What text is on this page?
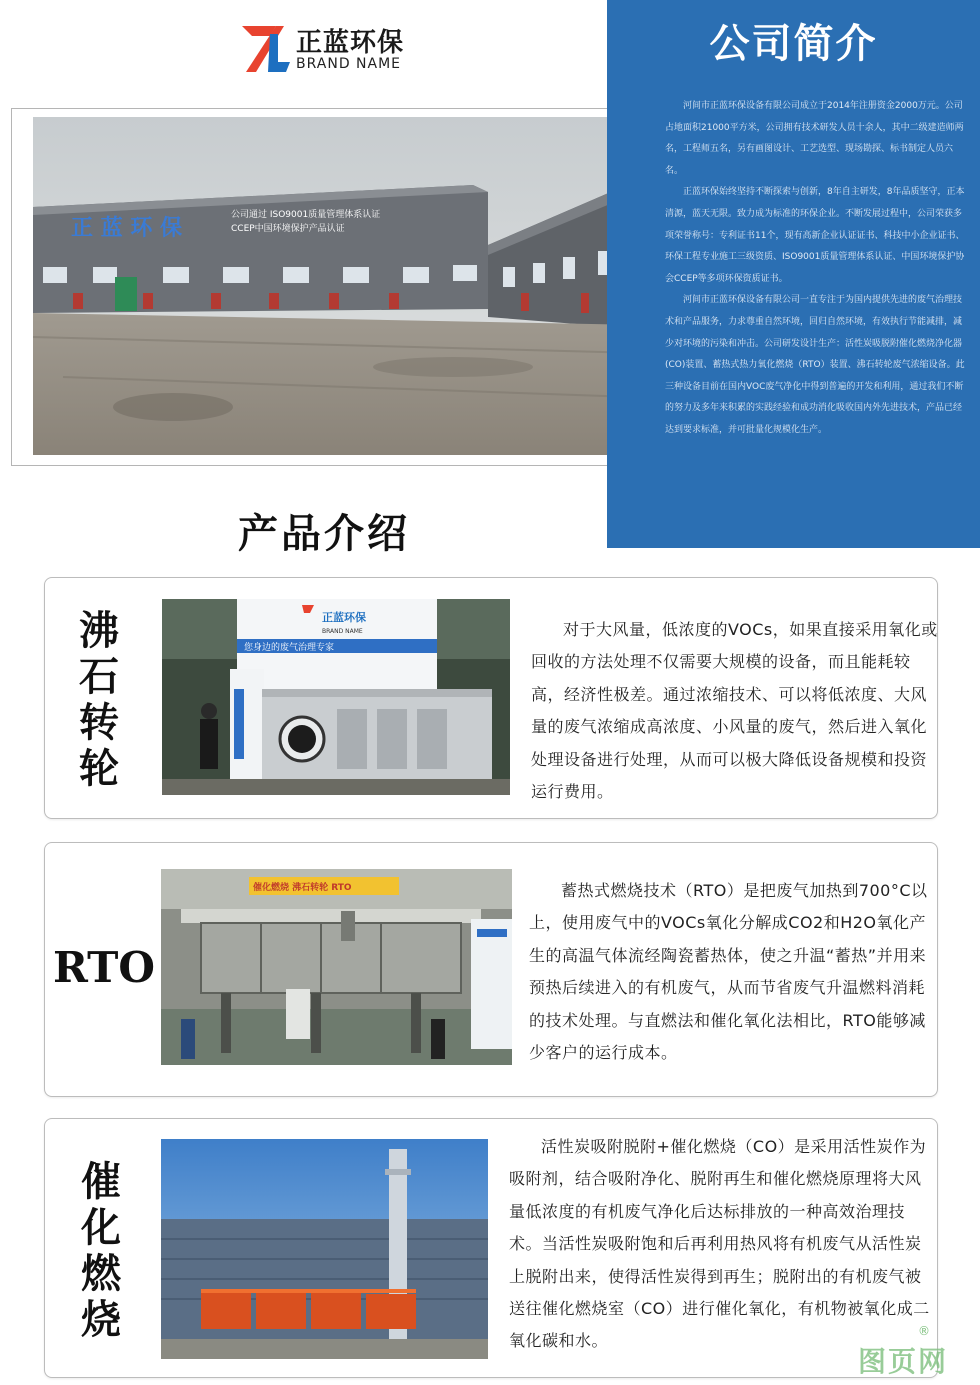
正蓝环保
BRAND NAME
正 蓝 环 保
公司通过 ISO9001质量管理体系认证
CCEP中国环境保护产品认证
公司简介

河间市正蓝环保设备有限公司成立于2014年注册资金2000万元。公司占地面积21000平方米，公司拥有技术研发人员十余人，其中二级建造师两名，工程师五名，另有画图设计、工艺选型、现场勘探、标书制定人员六名。

正蓝环保始终坚持不断探索与创新，8年自主研发，8年品质坚守，正本清源，蓝天无限。致力成为标准的环保企业。不断发展过程中，公司荣获多项荣誉称号：专利证书11个，现有高新企业认证证书、科技中小企业证书、环保工程专业施工三级资质、ISO9001质量管理体系认证、中国环境保护协会CCEP等多项环保资质证书。

河间市正蓝环保设备有限公司一直专注于为国内提供先进的废气治理技术和产品服务，力求尊重自然环境，回归自然环境，有效执行节能减排，减少对环境的污染和冲击。公司研发设计生产：活性炭吸脱附催化燃烧净化器(CO)装置、蓄热式热力氧化燃烧（RTO）装置、沸石转轮废气浓缩设备。此三种设备目前在国内VOC废气净化中得到普遍的开发和利用，通过我们不断的努力及多年来积累的实践经验和成功消化吸收国内外先进技术，产品已经达到要求标准，并可批量化规模化生产。

产品介绍
沸石转轮
您身边的废气治理专家
正蓝环保
BRAND NAME	对于大风量，低浓度的VOCs，如果直接采用氧化或回收的方法处理不仅需要大规模的设备，而且能耗较高，经济性极差。通过浓缩技术、可以将低浓度、大风量的废气浓缩成高浓度、小风量的废气，然后进入氧化处理设备进行处理，从而可以极大降低设备规模和投资运行费用。

RTO
催化燃烧 沸石转轮 RTO	蓄热式燃烧技术（RTO）是把废气加热到700°C以上，使用废气中的VOCs氧化分解成CO2和H2O氧化产生的高温气体流经陶瓷蓄热体，使之升温“蓄热”并用来预热后续进入的有机废气，从而节省废气升温燃料消耗的技术处理。与直燃法和催化氧化法相比，RTO能够减少客户的运行成本。

催化燃烧

活性炭吸附脱附+催化燃烧（CO）是采用活性炭作为吸附剂，结合吸附净化、脱附再生和催化燃烧原理将大风量低浓度的有机废气净化后达标排放的一种高效治理技术。当活性炭吸附饱和后再利用热风将有机废气从活性炭上脱附出来，使得活性炭得到再生；脱附出的有机废气被送往催化燃烧室（CO）进行催化氧化，有机物被氧化成二氧化碳和水。

图页网
®
